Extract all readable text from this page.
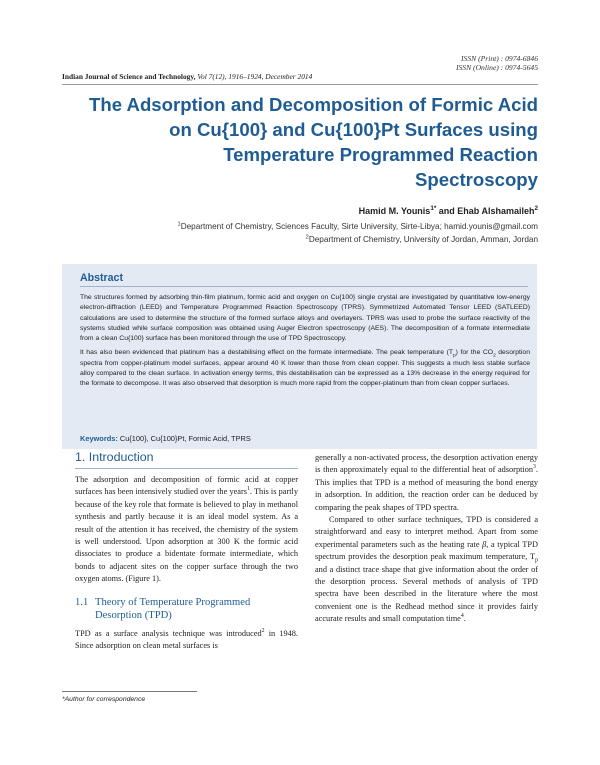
ISSN (Print) : 0974-6846
ISSN (Online) : 0974-5645
Indian Journal of Science and Technology, Vol 7(12), 1916–1924, December 2014
The Adsorption and Decomposition of Formic Acid
on Cu{100} and Cu{100}Pt Surfaces using
Temperature Programmed Reaction
Spectroscopy
Hamid M. Younis$^{1*}$ and Ehab Alshamaileh$^2$
$^1$Department of Chemistry, Sciences Faculty, Sirte University, Sirte-Libya; hamid.younis@gmail.com
$^2$Department of Chemistry, University of Jordan, Amman, Jordan
Abstract

The structures formed by adsorbing thin-film platinum, formic acid and oxygen on Cu{100} single crystal are investigated by quantitative low-energy electron-diffraction (LEED) and Temperature Programmed Reaction Spectroscopy (TPRS). Symmetrized Automated Tensor LEED (SATLEED) calculations are used to determine the structure of the formed surface alloys and overlayers. TPRS was used to probe the surface reactivity of the systems studied while surface composition was obtained using Auger Electron spectroscopy (AES). The decomposition of a formate intermediate from a clean Cu{100} surface has been monitored through the use of TPD Spectroscopy.

It has also been evidenced that platinum has a destabilising effect on the formate intermediate. The peak temperature $(T_p)$ for the $CO_2$ desorption spectra from copper-platinum model surfaces, appear around 40 K lower than those from clean copper. This suggests a much less stable surface alloy compared to the clean surface. In activation energy terms, this destabilisation can be expressed as a 13% decrease in the energy required for the formate to decompose. It was also observed that desorption is much more rapid from the copper-platinum than from clean copper surfaces.

Keywords: Cu{100}, Cu{100}Pt, Formic Acid, TPRS
1. Introduction

The adsorption and decomposition of formic acid at copper surfaces has been intensively studied over the years$^1$. This is partly because of the key role that formate is believed to play in methanol synthesis and partly because it is an ideal model system. As a result of the attention it has received, the chemistry of the system is well understood. Upon adsorption at 300 K the formic acid dissociates to produce a bidentate formate intermediate, which bonds to adjacent sites on the copper surface through the two oxygen atoms. (Figure 1).

1.1 Theory of Temperature Programmed
Desorption (TPD)

TPD as a surface analysis technique was introduced$^2$ in 1948. Since adsorption on clean metal surfaces is

generally a non-activated process, the desorption activation energy is then approximately equal to the differential heat of adsorption$^3$. This implies that TPD is a method of measuring the bond energy in adsorption. In addition, the reaction order can be deduced by comparing the peak shapes of TPD spectra.

Compared to other surface techniques, TPD is considered a straightforward and easy to interpret method. Apart from some experimental parameters such as the heating rate β, a typical TPD spectrum provides the desorption peak maximum temperature, $T_p$ and a distinct trace shape that give information about the order of the desorption process. Several methods of analysis of TPD spectra have been described in the literature where the most convenient one is the Redhead method since it provides fairly accurate results and small computation time$^4$.

*Author for correspondence
